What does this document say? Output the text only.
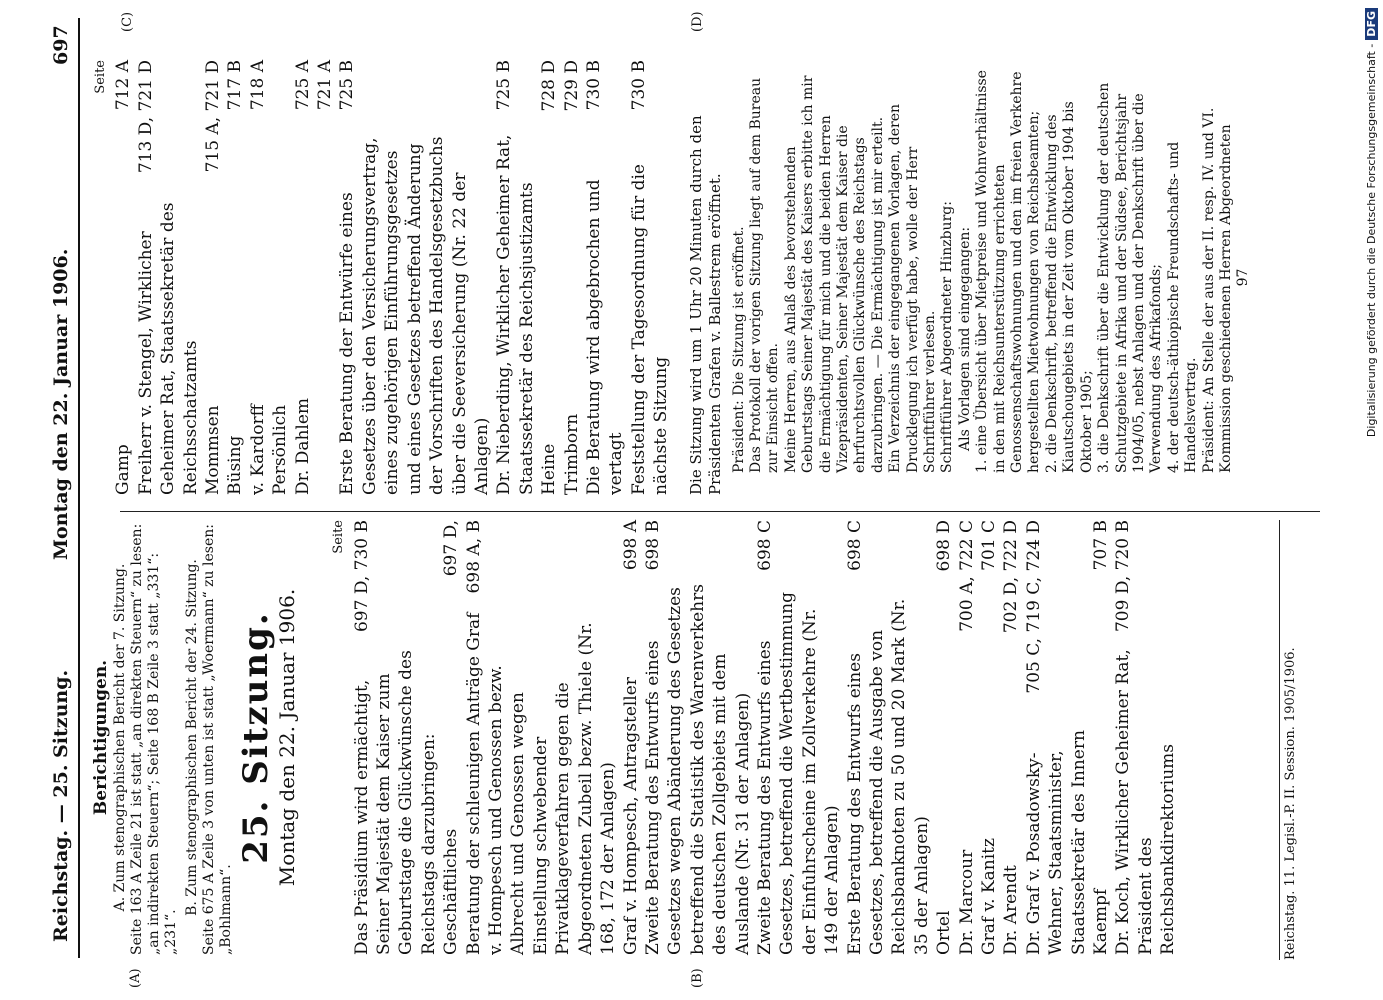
Reichstag. — 25. Sitzung.
Montag den 22. Januar 1906.
697

Berichtigungen. A. Zum stenographischen Bericht der 7. Sitzung. Seite 163 A Zeile 21 ist statt „an direkten Steuern“ zu lesen: „an indirekten Steuern“; Seite 168 B Zeile 3 statt „331“: „231“.

B. Zum stenographischen Bericht der 24. Sitzung. Seite 675 A Zeile 3 von unten ist statt „Woermann“ zu lesen: „Bohlmann“.

25. Sitzung.
Montag den 22. Januar 1906.
Seite
Das Präsidium wird ermächtigt, Seiner Majestät dem Kaiser zum Geburtstage die Glückwünsche des Reichstags darzubringen:
697 D, 730 B
Geschäftliches
697 D,
Beratung der schleunigen Anträge Graf v. Hompesch und Genossen bezw. Albrecht und Genossen wegen Einstellung schwebender Privatklageverfahren gegen die Abgeordneten Zubeil bezw. Thiele (Nr. 168, 172 der Anlagen)
698 A, B
Graf v. Hompesch, Antragsteller
698 A
Zweite Beratung des Entwurfs eines Gesetzes wegen Abänderung des Gesetzes betreffend die Statistik des Warenverkehrs des deutschen Zollgebiets mit dem Auslande (Nr. 31 der Anlagen)
698 B
Zweite Beratung des Entwurfs eines Gesetzes, betreffend die Wertbestimmung der Einfuhrscheine im Zollverkehre (Nr. 149 der Anlagen)
698 C
Erste Beratung des Entwurfs eines Gesetzes, betreffend die Ausgabe von Reichsbanknoten zu 50 und 20 Mark (Nr. 35 der Anlagen)
698 C
Ortel
698 D
Dr. Marcour
700 A, 722 C
Graf v. Kanitz
701 C
Dr. Arendt
702 D, 722 D
Dr. Graf v. Posadowsky-Wehner, Staatsminister, Staatssekretär des Innern
705 C, 719 C, 724 D
Kaempf
707 B
Dr. Koch, Wirklicher Geheimer Rat, Präsident des Reichsbankdirektoriums
709 D, 720 B
(A)	(B)
Reichstag. 11. Legisl.-P. II. Session. 1905/1906.
Seite
Gamp
712 A
Freiherr v. Stengel, Wirklicher Geheimer Rat, Staatssekretär des Reichsschatzamts
713 D, 721 D
Mommsen
715 A, 721 D
Büsing
717 B
v. Kardorff
718 A
Persönlich Dr. Dahlem
725 A 721 A
Erste Beratung der Entwürfe eines Gesetzes über den Versicherungsvertrag, eines zugehörigen Einführungsgesetzes und eines Gesetzes betreffend Änderung der Vorschriften des Handelsgesetzbuchs über die Seeversicherung (Nr. 22 der Anlagen)
725 B
Dr. Nieberding, Wirklicher Geheimer Rat, Staatssekretär des Reichsjustizamts
725 B
Heine
728 D
Trimborn
729 D
Die Beratung wird abgebrochen und vertagt
730 B
Feststellung der Tagesordnung für die nächste Sitzung
730 B

Die Sitzung wird um 1 Uhr 20 Minuten durch den Präsidenten Grafen v. Ballestrem eröffnet. Präsident: Die Sitzung ist eröffnet. Das Protokoll der vorigen Sitzung liegt auf dem Bureau zur Einsicht offen. Meine Herren, aus Anlaß des bevorstehenden Geburtstags Seiner Majestät des Kaisers erbitte ich mir die Ermächtigung für mich und die beiden Herren Vizepräsidenten, Seiner Majestät dem Kaiser die ehrfurchtsvollen Glückwünsche des Reichstags darzubringen. — Die Ermächtigung ist mir erteilt. Ein Verzeichnis der eingegangenen Vorlagen, deren Drucklegung ich verfügt habe, wolle der Herr Schriftführer verlesen. Schriftführer Abgeordneter Hinzburg: Als Vorlagen sind eingegangen: 1. eine Übersicht über Mietpreise und Wohnverhältnisse in den mit Reichsunterstützung errichteten Genossenschaftswohnungen und den im freien Verkehre hergestellten Mietwohnungen von Reichsbeamten; 2. die Denkschrift, betreffend die Entwicklung des Kiautschougebiets in der Zeit vom Oktober 1904 bis Oktober 1905; 3. die Denkschrift über die Entwicklung der deutschen Schutzgebiete in Afrika und der Südsee, Berichtsjahr 1904/05, nebst Anlagen und der Denkschrift über die Verwendung des Afrikafonds; 4. der deutsch-äthiopische Freundschafts- und Handelsvertrag. Präsident: An Stelle der aus der II. resp. IV. und VI. Kommission geschiedenen Herren Abgeordneten 97

(C)	(D)
Digitalisierung gefördert durch die Deutsche Forschungsgemeinschaft -
DFG
